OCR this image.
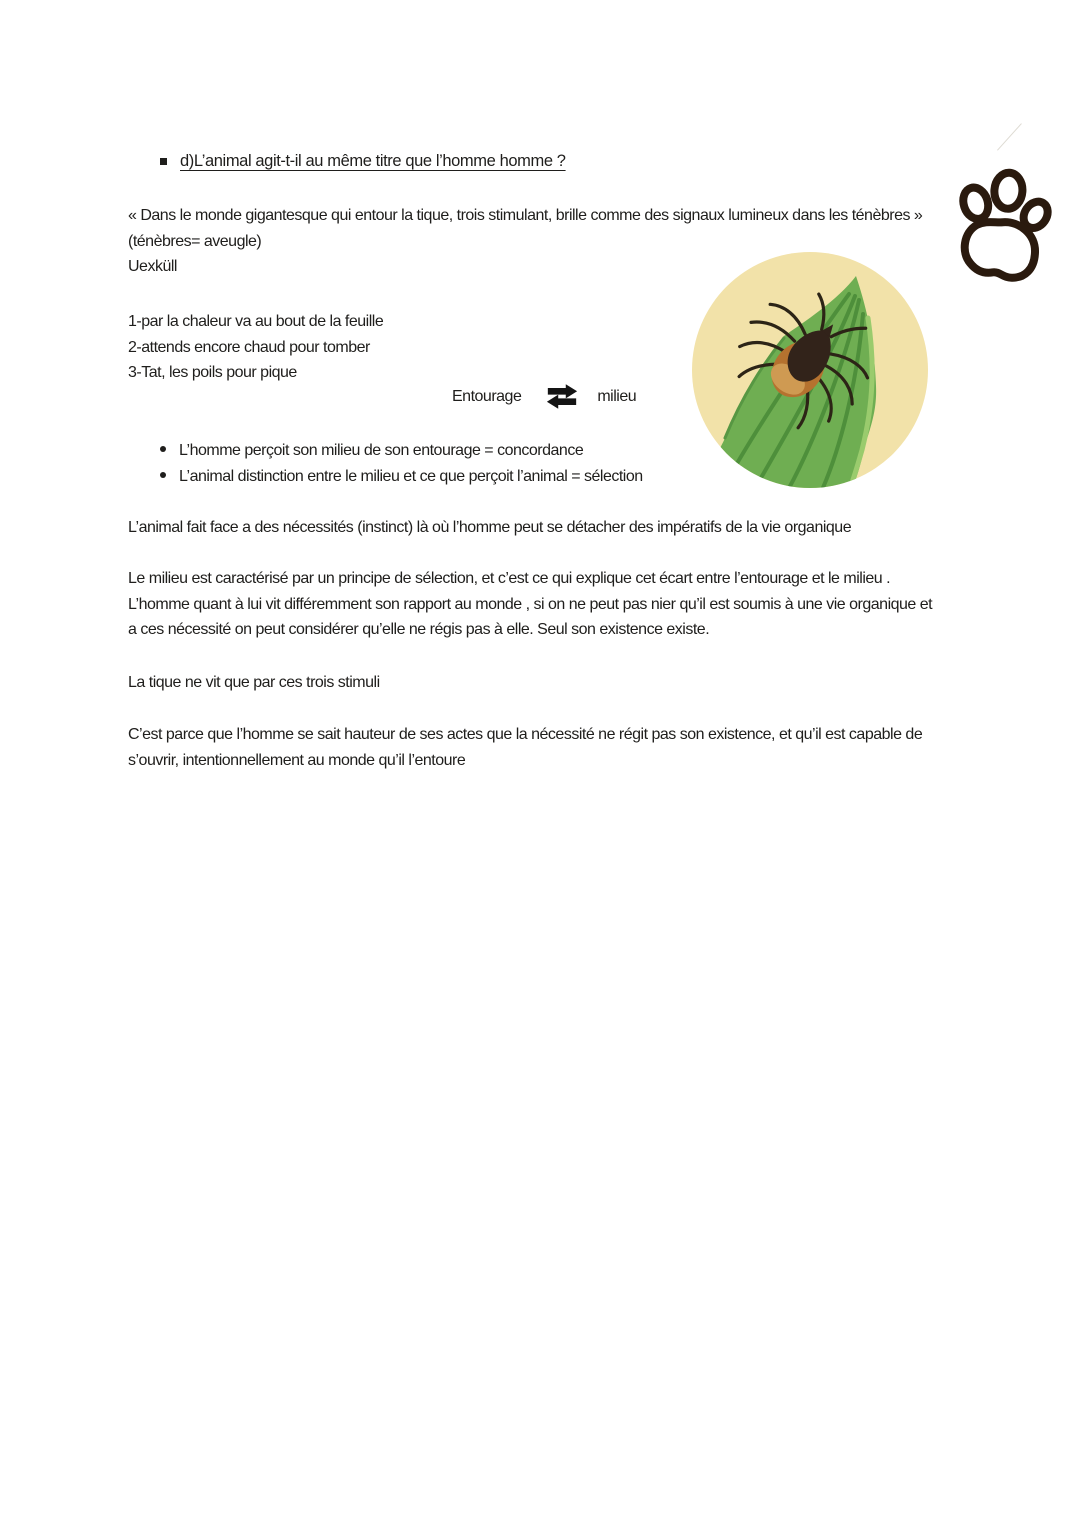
d)L’animal agit-t-il au même titre que l’homme homme ?
« Dans le monde gigantesque qui entour la tique, trois stimulant, brille comme des signaux lumineux dans les ténèbres »
(ténèbres= aveugle)
Uexküll
1-par la chaleur va au bout de la feuille
2-attends encore chaud pour tomber
3-Tat, les poils pour pique
Entourage	milieu
L’homme perçoit son milieu de son entourage = concordance
L’animal distinction entre le milieu et ce que perçoit l’animal = sélection
L’animal fait face a des nécessités (instinct) là où l’homme peut se détacher des impératifs de la vie organique
Le milieu est caractérisé par un principe de sélection, et c’est ce qui explique cet écart entre l’entourage et le milieu .
L’homme quant à lui vit différemment son rapport au monde , si on ne peut pas nier qu’il est soumis à une vie organique et
a ces nécessité on peut considérer qu’elle ne régis pas à elle. Seul son existence existe.
La tique ne vit que par ces trois stimuli
C’est parce que l’homme se sait hauteur de ses actes que la nécessité ne régit pas son existence, et qu’il est capable de
s’ouvrir, intentionnellement au monde qu’il l’entoure
